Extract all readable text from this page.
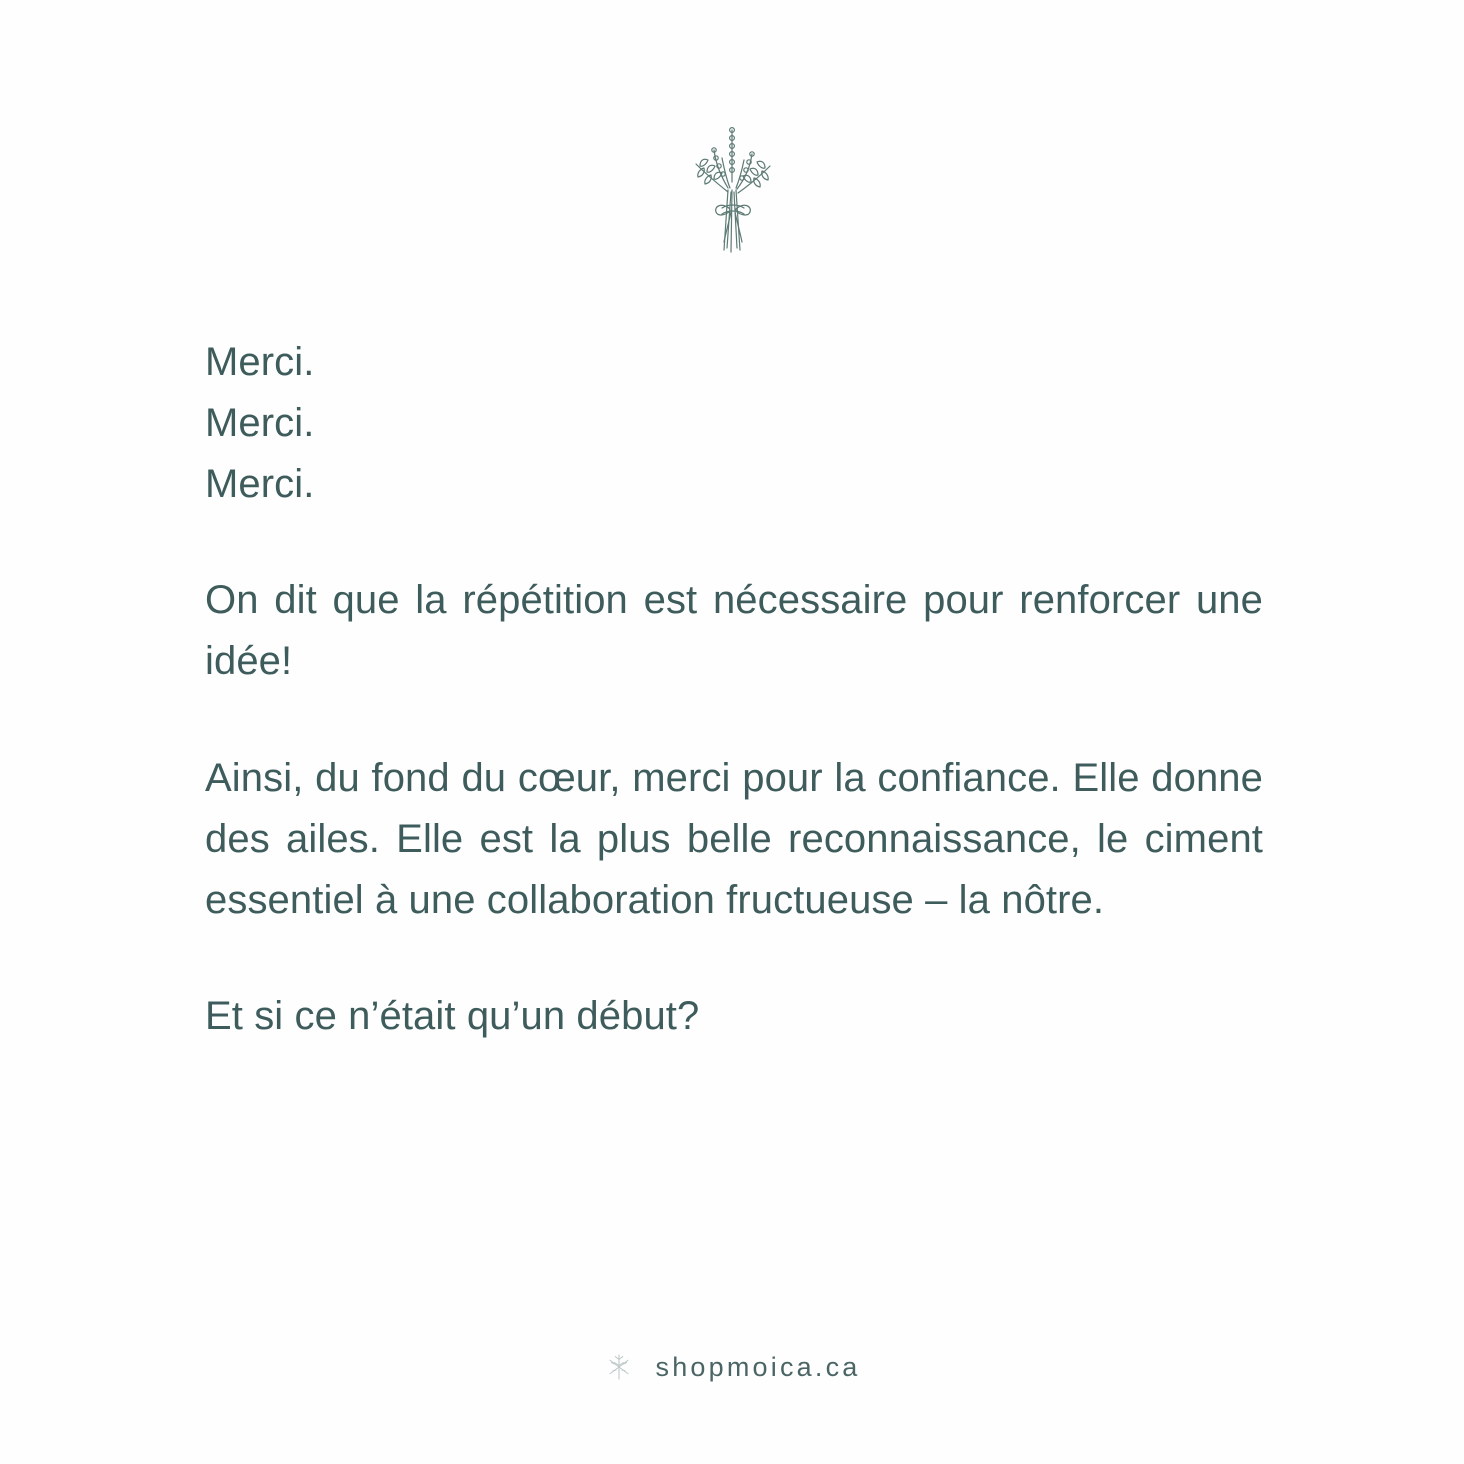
Merci.
Merci.
Merci.

On dit que la répétition est nécessaire pour renforcer une idée!

Ainsi, du fond du cœur, merci pour la confiance. Elle donne des ailes. Elle est la plus belle reconnaissance, le ciment essentiel à une collaboration fructueuse – la nôtre.

Et si ce n’était qu’un début?

shopmoica.ca
